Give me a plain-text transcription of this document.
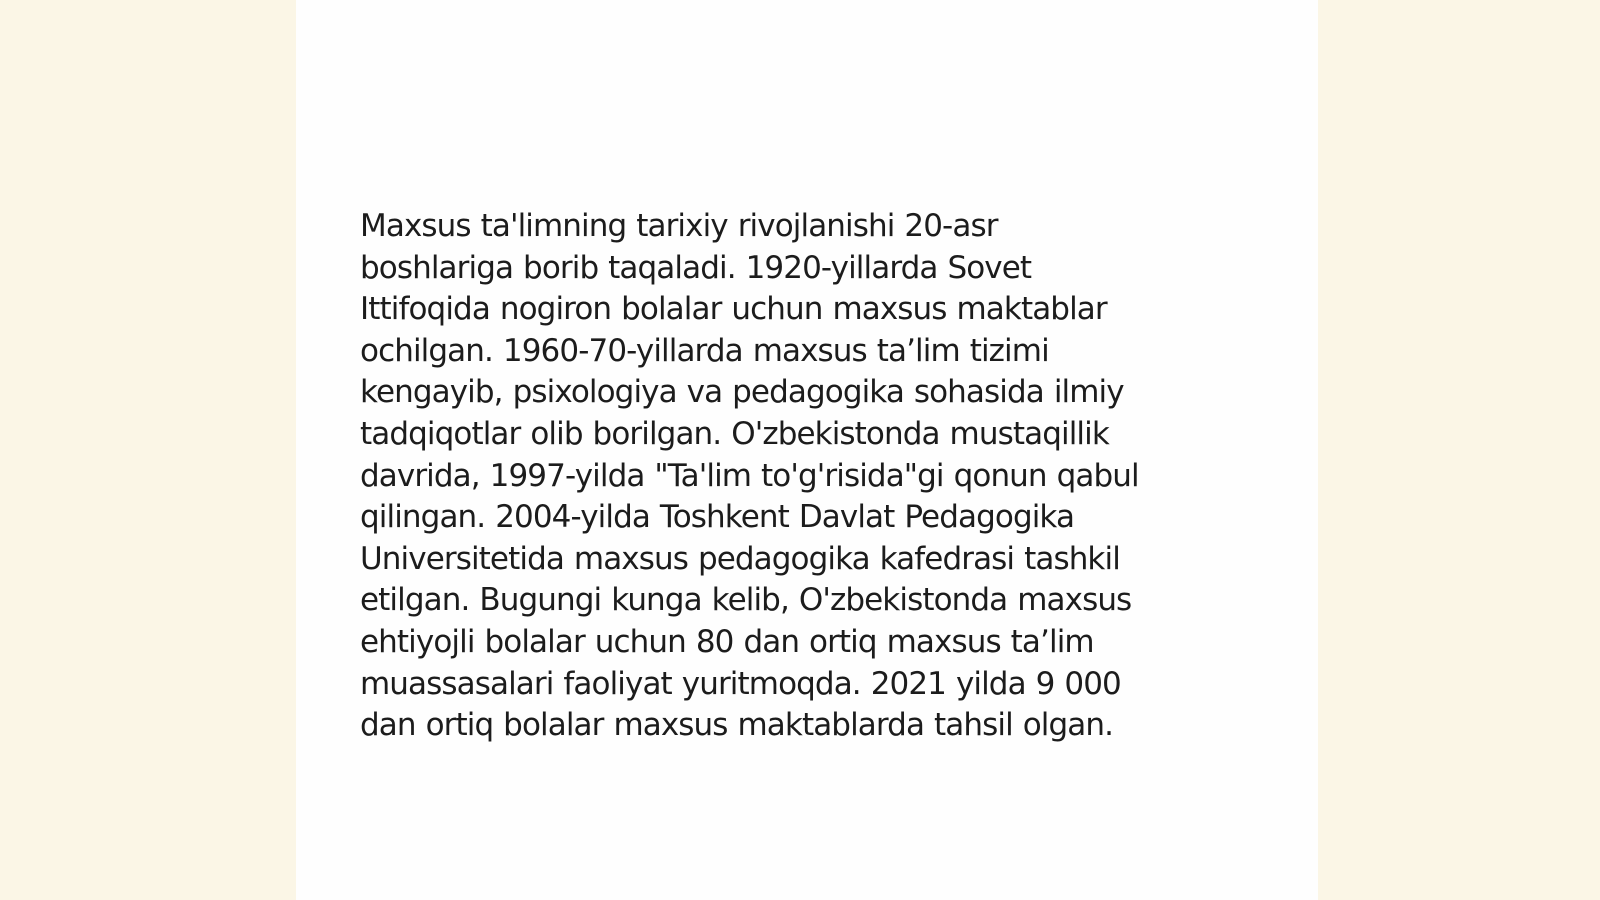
Maxsus ta'limning tarixiy rivojlanishi 20-asr
boshlariga borib taqaladi. 1920-yillarda Sovet
Ittifoqida nogiron bolalar uchun maxsus maktablar
ochilgan. 1960-70-yillarda maxsus ta’lim tizimi
kengayib, psixologiya va pedagogika sohasida ilmiy
tadqiqotlar olib borilgan. O'zbekistonda mustaqillik
davrida, 1997-yilda "Ta'lim to'g'risida"gi qonun qabul
qilingan. 2004-yilda Toshkent Davlat Pedagogika
Universitetida maxsus pedagogika kafedrasi tashkil
etilgan. Bugungi kunga kelib, O'zbekistonda maxsus
ehtiyojli bolalar uchun 80 dan ortiq maxsus ta’lim
muassasalari faoliyat yuritmoqda. 2021 yilda 9 000
dan ortiq bolalar maxsus maktablarda tahsil olgan.
